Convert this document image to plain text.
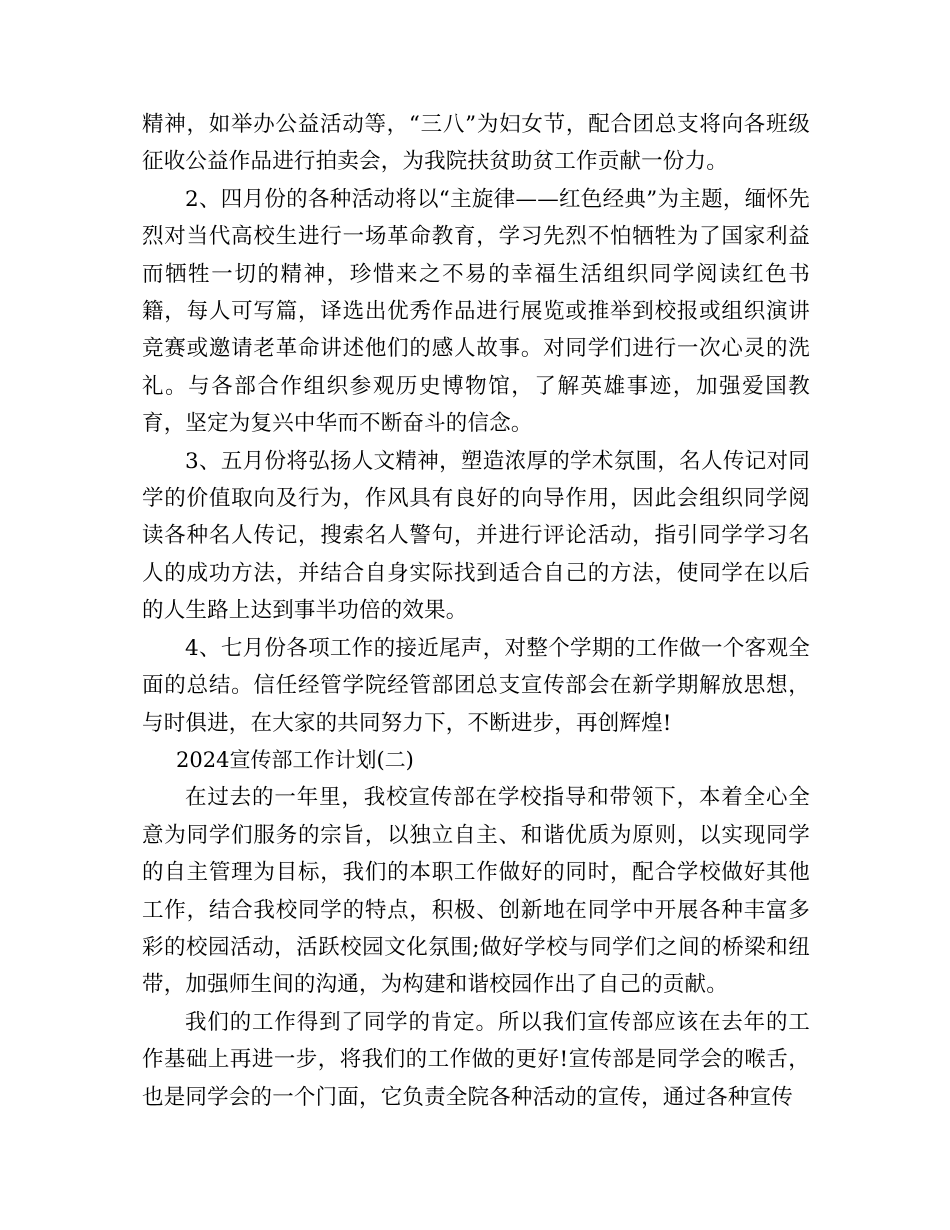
精神，如举办公益活动等，“三八”为妇女节，配合团总支将向各班级征收公益作品进行拍卖会，为我院扶贫助贫工作贡献一份力。

2、四月份的各种活动将以“主旋律——红色经典”为主题，缅怀先烈对当代高校生进行一场革命教育，学习先烈不怕牺牲为了国家利益而牺牲一切的精神，珍惜来之不易的幸福生活组织同学阅读红色书籍，每人可写篇，译选出优秀作品进行展览或推举到校报或组织演讲竞赛或邀请老革命讲述他们的感人故事。对同学们进行一次心灵的洗礼。与各部合作组织参观历史博物馆，了解英雄事迹，加强爱国教育，坚定为复兴中华而不断奋斗的信念。

3、五月份将弘扬人文精神，塑造浓厚的学术氛围，名人传记对同学的价值取向及行为，作风具有良好的向导作用，因此会组织同学阅读各种名人传记，搜索名人警句，并进行评论活动，指引同学学习名人的成功方法，并结合自身实际找到适合自己的方法，使同学在以后的人生路上达到事半功倍的效果。

4、七月份各项工作的接近尾声，对整个学期的工作做一个客观全面的总结。信任经管学院经管部团总支宣传部会在新学期解放思想，与时俱进，在大家的共同努力下，不断进步，再创辉煌!

2024宣传部工作计划(二)

在过去的一年里，我校宣传部在学校指导和带领下，本着全心全意为同学们服务的宗旨，以独立自主、和谐优质为原则，以实现同学的自主管理为目标，我们的本职工作做好的同时，配合学校做好其他工作，结合我校同学的特点，积极、创新地在同学中开展各种丰富多彩的校园活动，活跃校园文化氛围;做好学校与同学们之间的桥梁和纽带，加强师生间的沟通，为构建和谐校园作出了自己的贡献。

我们的工作得到了同学的肯定。所以我们宣传部应该在去年的工作基础上再进一步，将我们的工作做的更好!宣传部是同学会的喉舌，也是同学会的一个门面，它负责全院各种活动的宣传，通过各种宣传
